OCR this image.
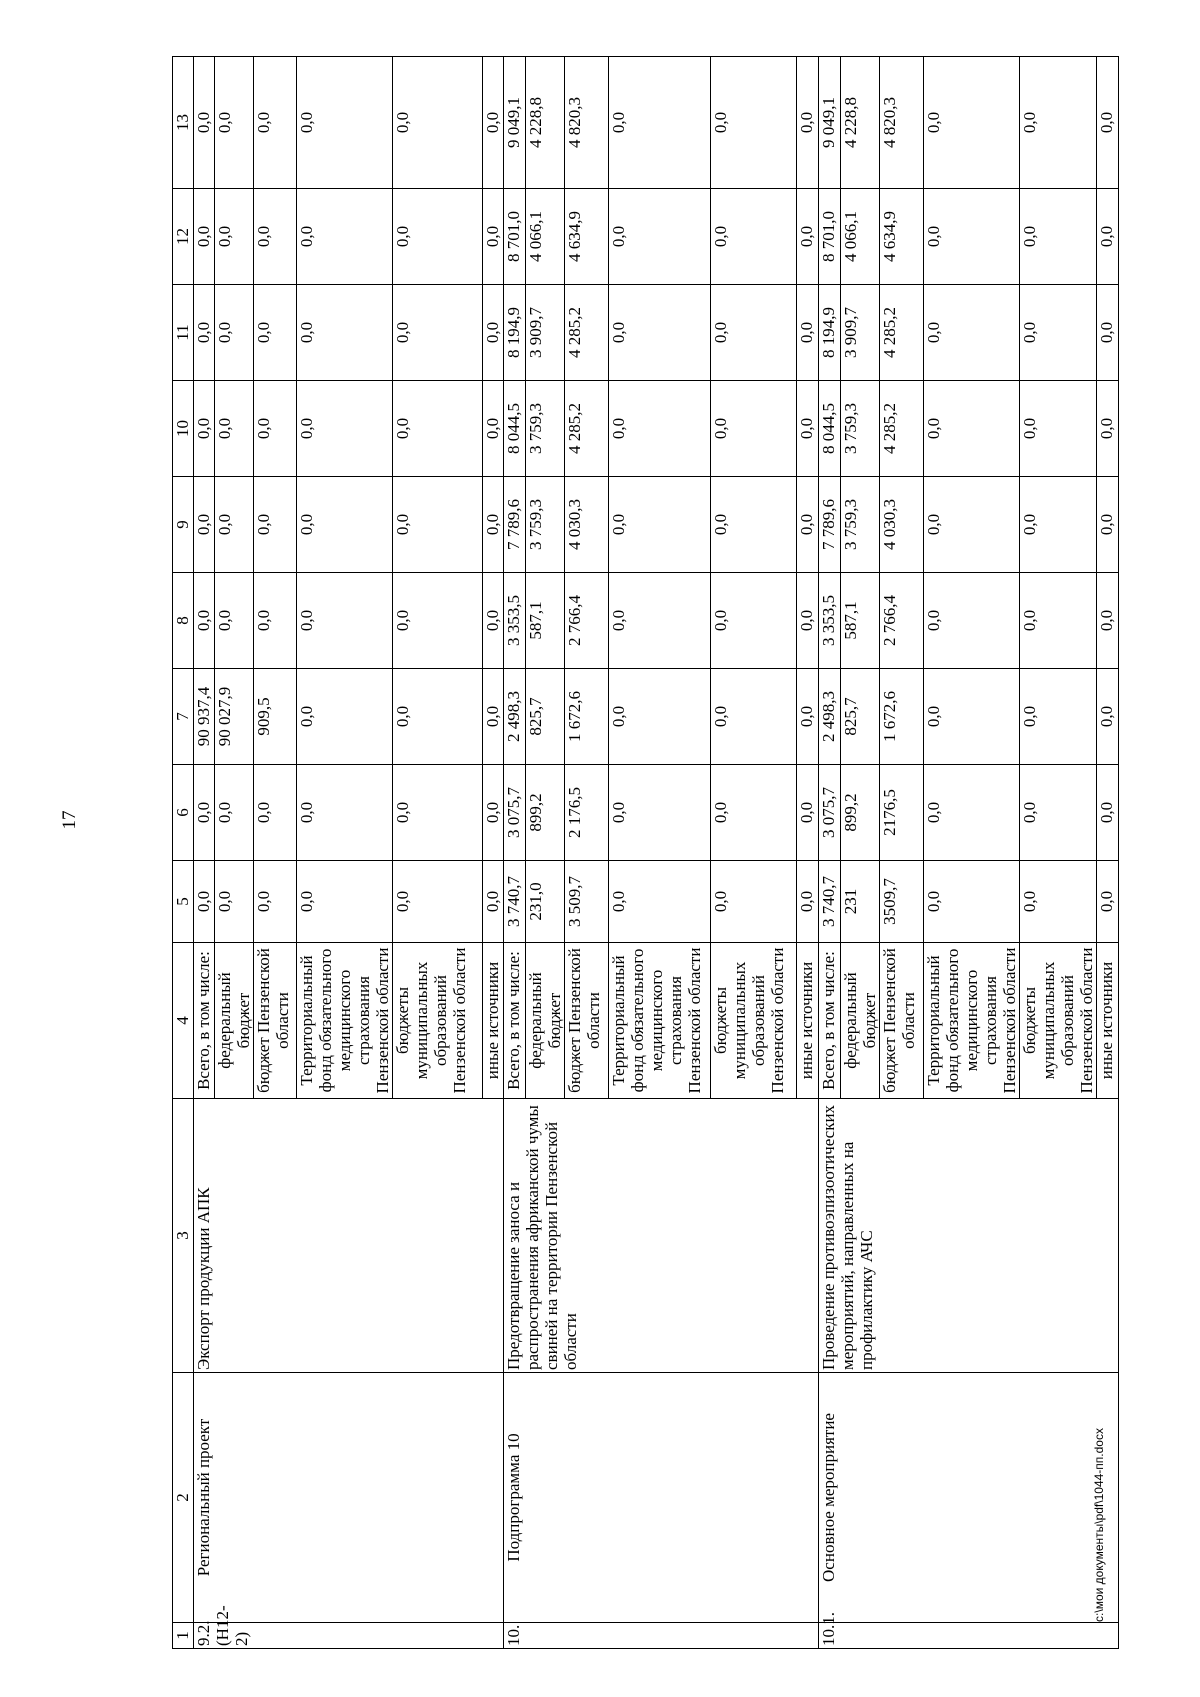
17
c:\мои документы\pdf\1044-пп.docx
1	2	3	4	5	6	7	8	9	10	11	12	13
9.2. (Н12-2)	Региональный проект	Экспорт продукции АПК	Всего, в том числе:	0,0	0,0	90 937,4	0,0	0,0	0,0	0,0	0,0	0,0
			федеральный бюджет	0,0	0,0	90 027,9	0,0	0,0	0,0	0,0	0,0	0,0
			бюджет Пензенской области	0,0	0,0	909,5	0,0	0,0	0,0	0,0	0,0	0,0
			Территориальный фонд обязательного медицинского страхования Пензенской области	0,0	0,0	0,0	0,0	0,0	0,0	0,0	0,0	0,0
			бюджеты муниципальных образований Пензенской области	0,0	0,0	0,0	0,0	0,0	0,0	0,0	0,0	0,0
			иные источники	0,0	0,0	0,0	0,0	0,0	0,0	0,0	0,0	0,0
10.	Подпрограмма 10	Предотвращение заноса и распространения африканской чумы свиней на территории Пензенской области	Всего, в том числе:	3 740,7	3 075,7	2 498,3	3 353,5	7 789,6	8 044,5	8 194,9	8 701,0	9 049,1
			федеральный бюджет	231,0	899,2	825,7	587,1	3 759,3	3 759,3	3 909,7	4 066,1	4 228,8
			бюджет Пензенской области	3 509,7	2 176,5	1 672,6	2 766,4	4 030,3	4 285,2	4 285,2	4 634,9	4 820,3
			Территориальный фонд обязательного медицинского страхования Пензенской области	0,0	0,0	0,0	0,0	0,0	0,0	0,0	0,0	0,0
			бюджеты муниципальных образований Пензенской области	0,0	0,0	0,0	0,0	0,0	0,0	0,0	0,0	0,0
			иные источники	0,0	0,0	0,0	0,0	0,0	0,0	0,0	0,0	0,0
10.1.	Основное мероприятие	Проведение противоэпизоотических мероприятий, направленных на профилактику АЧС	Всего, в том числе:	3 740,7	3 075,7	2 498,3	3 353,5	7 789,6	8 044,5	8 194,9	8 701,0	9 049,1
			федеральный бюджет	231	899,2	825,7	587,1	3 759,3	3 759,3	3 909,7	4 066,1	4 228,8
			бюджет Пензенской области	3509,7	2176,5	1 672,6	2 766,4	4 030,3	4 285,2	4 285,2	4 634,9	4 820,3
			Территориальный фонд обязательного медицинского страхования Пензенской области	0,0	0,0	0,0	0,0	0,0	0,0	0,0	0,0	0,0
			бюджеты муниципальных образований Пензенской области	0,0	0,0	0,0	0,0	0,0	0,0	0,0	0,0	0,0
			иные источники	0,0	0,0	0,0	0,0	0,0	0,0	0,0	0,0	0,0
